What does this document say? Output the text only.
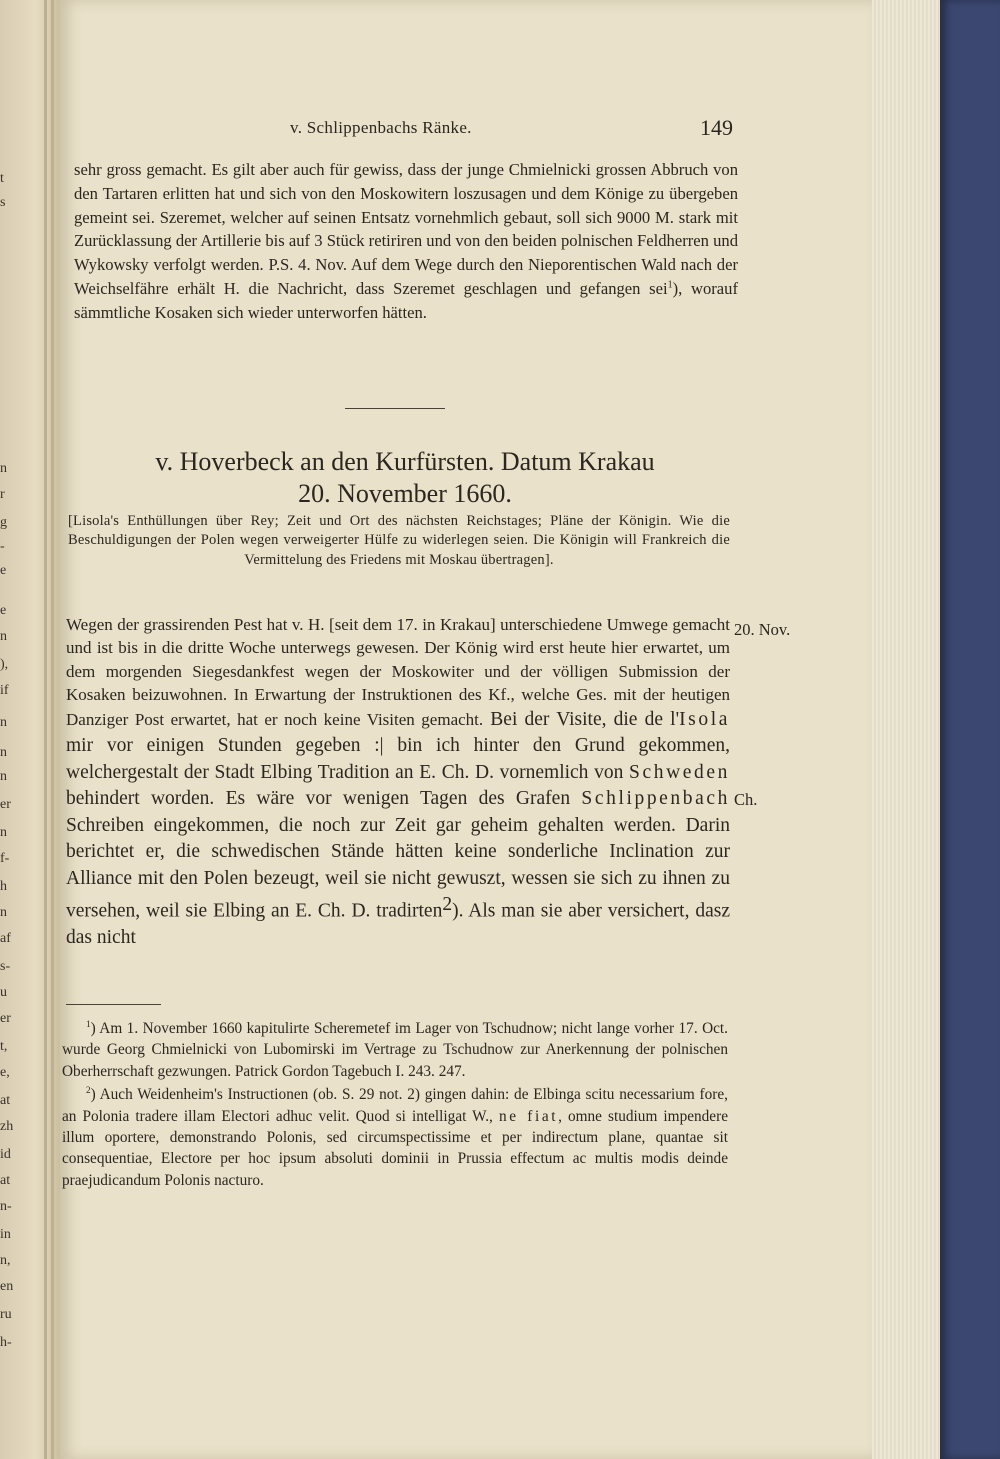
t
s
n
r
g
-
e
e
n
),
if
n
n
n
er
n
f-
h
n
af
s-
u
er
t,
e,
at
zh
id
at
n-
in
n,
en
ru
h-
v. Schlippenbachs Ränke.	149
sehr gross gemacht. Es gilt aber auch für gewiss, dass der junge Chmielnicki grossen Abbruch von den Tartaren erlitten hat und sich von den Moskowitern loszusagen und dem Könige zu übergeben gemeint sei. Szeremet, welcher auf seinen Entsatz vornehmlich gebaut, soll sich 9000 M. stark mit Zurücklassung der Artillerie bis auf 3 Stück retiriren und von den beiden polnischen Feldherren und Wykowsky verfolgt werden. P.S. 4. Nov. Auf dem Wege durch den Nieporentischen Wald nach der Weichselfähre erhält H. die Nachricht, dass Szeremet geschlagen und gefangen sei$^1$), worauf sämmtliche Kosaken sich wieder unterworfen hätten.
v. Hoverbeck an den Kurfürsten. Datum Krakau
20. November 1660.
[Lisola's Enthüllungen über Rey; Zeit und Ort des nächsten Reichstages; Pläne der Königin. Wie die Beschuldigungen der Polen wegen verweigerter Hülfe zu widerlegen seien. Die Königin will Frankreich die Vermittelung des Friedens mit Moskau übertragen].
Wegen der grassirenden Pest hat v. H. [seit dem 17. in Krakau] unterschiedene Umwege gemacht und ist bis in die dritte Woche unterwegs gewesen. Der König wird erst heute hier erwartet, um dem morgenden Siegesdankfest wegen der Moskowiter und der völligen Submission der Kosaken beizuwohnen. In Erwartung der Instruktionen des Kf., welche Ges. mit der heutigen Danziger Post erwartet, hat er noch keine Visiten gemacht. Bei der Visite, die de l'Isola mir vor einigen Stunden gegeben :| bin ich hinter den Grund gekommen, welchergestalt der Stadt Elbing Tradition an E. Ch. D. vornemlich von Schweden behindert worden. Es wäre vor wenigen Tagen des Grafen Schlippenbach Schreiben eingekommen, die noch zur Zeit gar geheim gehalten werden. Darin berichtet er, die schwedischen Stände hätten keine sonderliche Inclination zur Alliance mit den Polen bezeugt, weil sie nicht gewuszt, wessen sie sich zu ihnen zu versehen, weil sie Elbing an E. Ch. D. tradirten$^2$). Als man sie aber versichert, dasz das nicht
20. Nov.
Ch.

$^1$) Am 1. November 1660 kapitulirte Scheremetef im Lager von Tschudnow; nicht lange vorher 17. Oct. wurde Georg Chmielnicki von Lubomirski im Vertrage zu Tschudnow zur Anerkennung der polnischen Oberherrschaft gezwungen. Patrick Gordon Tagebuch I. 243. 247.

$^2$) Auch Weidenheim's Instructionen (ob. S. 29 not. 2) gingen dahin: de Elbinga scitu necessarium fore, an Polonia tradere illam Electori adhuc velit. Quod si intelligat W., ne fiat, omne studium impendere illum oportere, demonstrando Polonis, sed circumspectissime et per indirectum plane, quantae sit consequentiae, Electore per hoc ipsum absoluti dominii in Prussia effectum ac multis modis deinde praejudicandum Polonis nacturo.
